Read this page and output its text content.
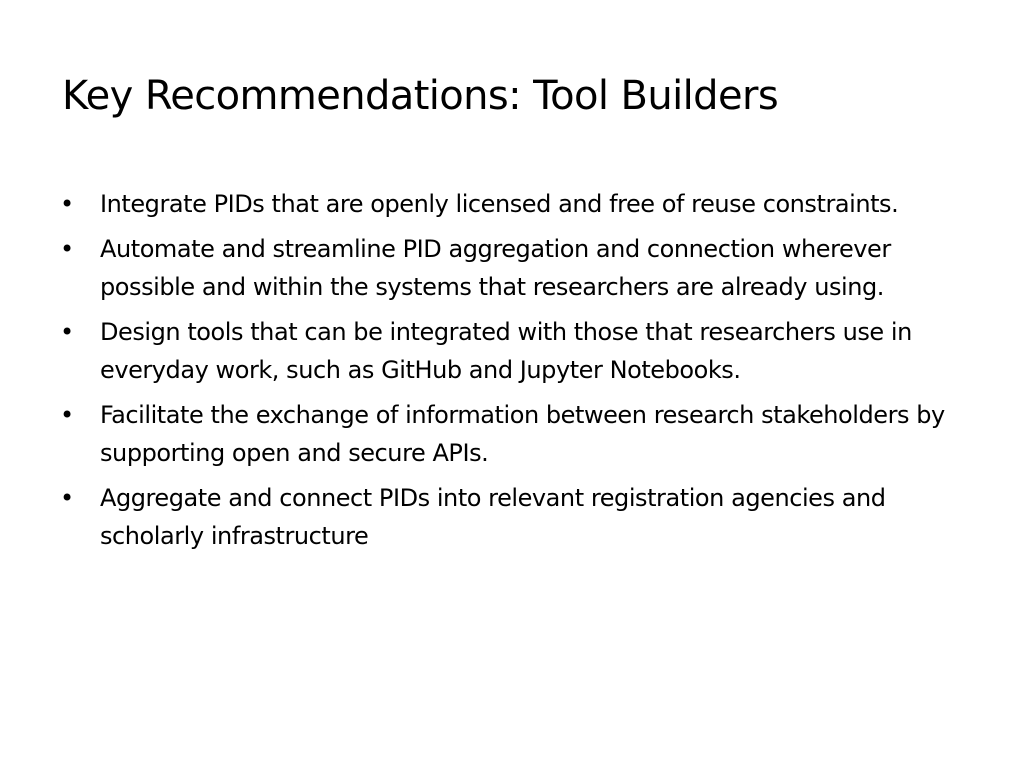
Key Recommendations: Tool Builders
• Integrate PIDs that are openly licensed and free of reuse constraints.
• Automate and streamline PID aggregation and connection wherever possible and within the systems that researchers are already using.
• Design tools that can be integrated with those that researchers use in everyday work, such as GitHub and Jupyter Notebooks.
• Facilitate the exchange of information between research stakeholders by supporting open and secure APIs.
• Aggregate and connect PIDs into relevant registration agencies and scholarly infrastructure
